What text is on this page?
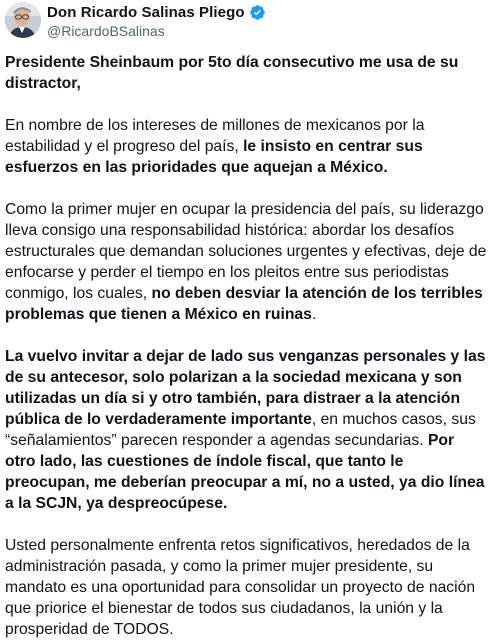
Don Ricardo Salinas Pliego
@RicardoBSalinas

Presidente Sheinbaum por 5to día consecutivo me usa de su distractor,

En nombre de los intereses de millones de mexicanos por la estabilidad y el progreso del país, le insisto en centrar sus esfuerzos en las prioridades que aquejan a México.

Como la primer mujer en ocupar la presidencia del país, su liderazgo lleva consigo una responsabilidad histórica: abordar los desafíos estructurales que demandan soluciones urgentes y efectivas, deje de enfocarse y perder el tiempo en los pleitos entre sus periodistas conmigo, los cuales, no deben desviar la atención de los terribles problemas que tienen a México en ruinas.

La vuelvo invitar a dejar de lado sus venganzas personales y las de su antecesor, solo polarizan a la sociedad mexicana y son utilizadas un día si y otro también, para distraer a la atención pública de lo verdaderamente importante, en muchos casos, sus “señalamientos” parecen responder a agendas secundarias. Por otro lado, las cuestiones de índole fiscal, que tanto le preocupan, me deberían preocupar a mí, no a usted, ya dio línea a la SCJN, ya despreocúpese.

Usted personalmente enfrenta retos significativos, heredados de la administración pasada, y como la primer mujer presidente, su mandato es una oportunidad para consolidar un proyecto de nación que priorice el bienestar de todos sus ciudadanos, la unión y la prosperidad de TODOS.
